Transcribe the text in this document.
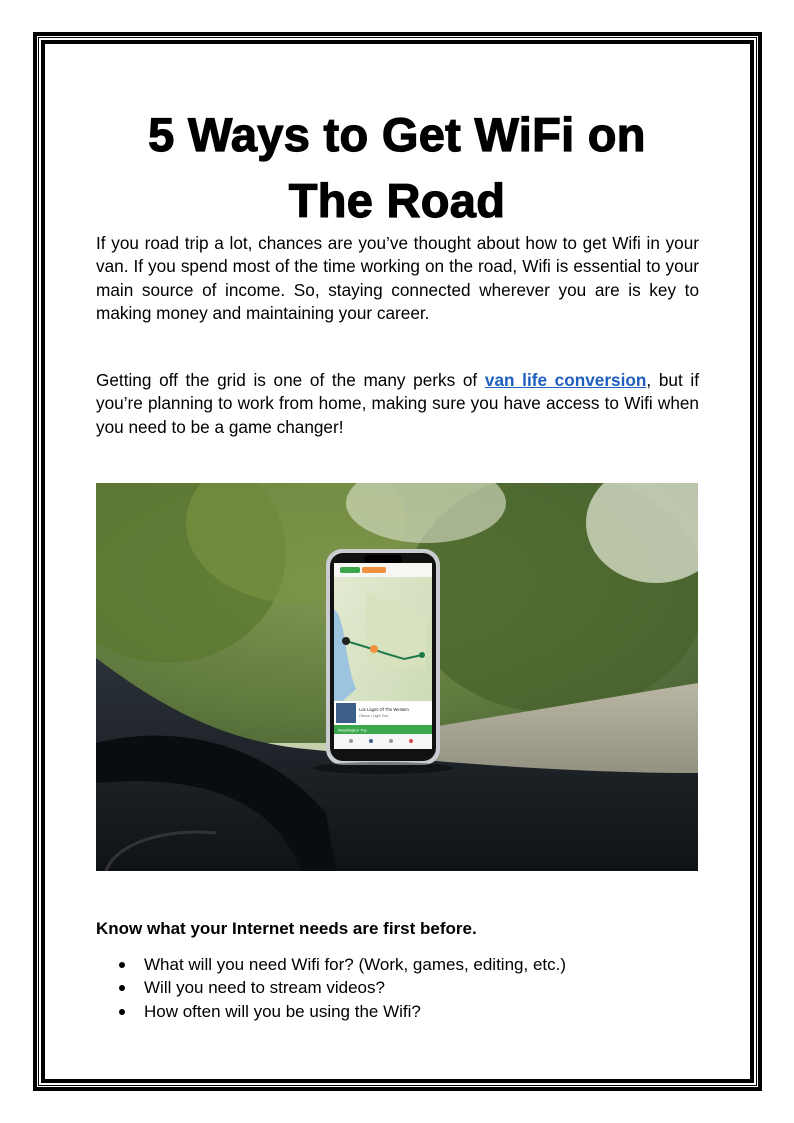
5 Ways to Get WiFi on
The Road

If you road trip a lot, chances are you’ve thought about how to get Wifi in your van. If you spend most of the time working on the road, Wifi is essential to your main source of income. So, staying connected wherever you are is key to making money and maintaining your career.

Getting off the grid is one of the many perks of van life conversion, but if you’re planning to work from home, making sure you have access to Wifi when you need to be a game changer!

Los Lagos Of The Western
Clinics • Light Tour
Washington Trip
Know what your Internet needs are first before.
What will you need Wifi for? (Work, games, editing, etc.)
Will you need to stream videos?
How often will you be using the Wifi?
